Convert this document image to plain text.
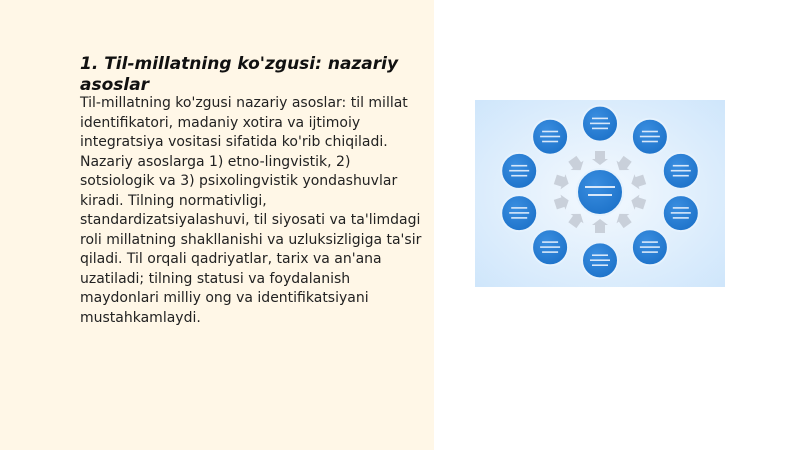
1. Til-millatning ko'zgusi: nazariy asoslar

Til-millatning ko'zgusi nazariy asoslar: til millat identifikatori, madaniy xotira va ijtimoiy integratsiya vositasi sifatida ko'rib chiqiladi. Nazariy asoslarga 1) etno-lingvistik, 2) sotsiologik va 3) psixolingvistik yondashuvlar kiradi. Tilning normativligi, standardizatsiyalashuvi, til siyosati va ta'limdagi roli millatning shakllanishi va uzluksizligiga ta'sir qiladi. Til orqali qadriyatlar, tarix va an'ana uzatiladi; tilning statusi va foydalanish maydonlari milliy ong va identifikatsiyani mustahkamlaydi.
